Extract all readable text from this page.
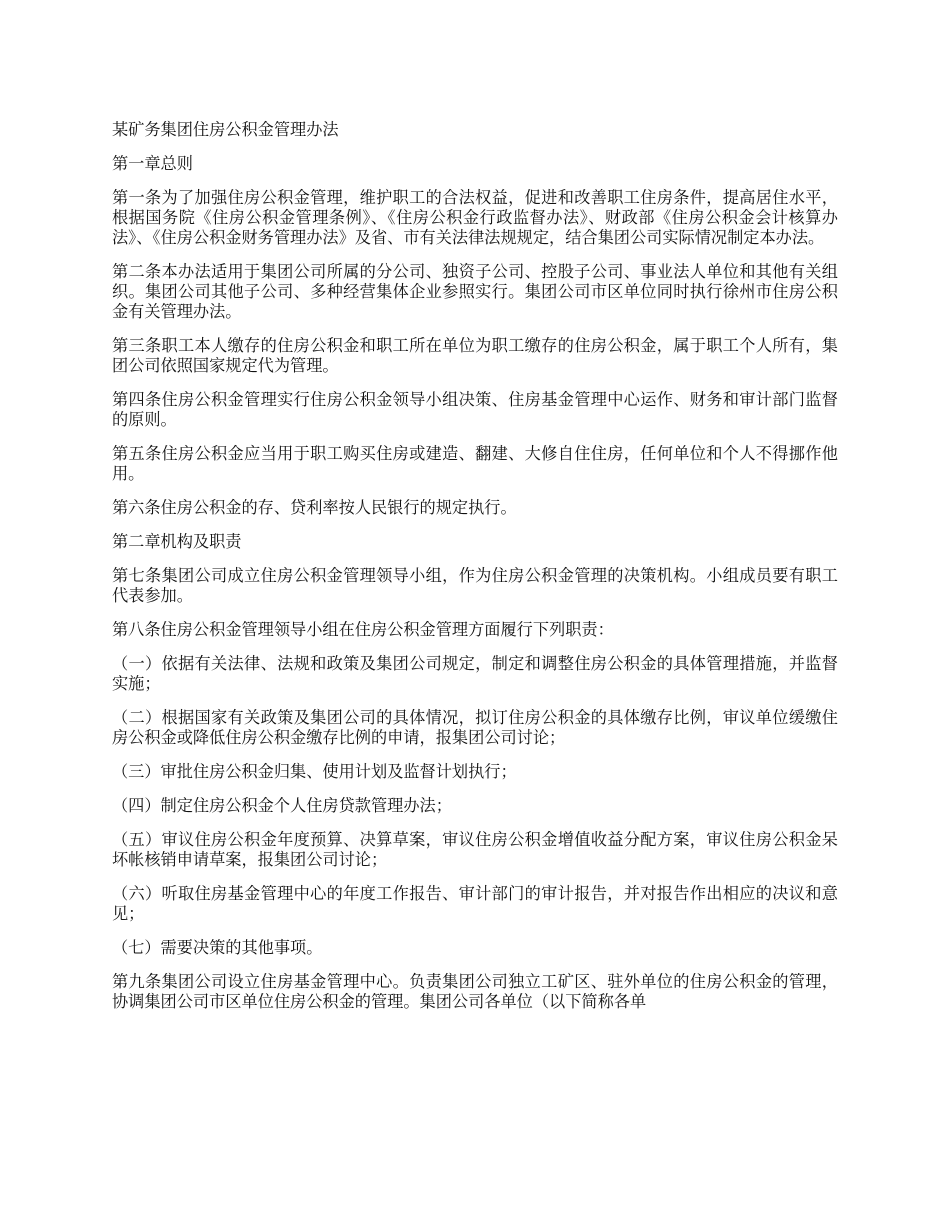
某矿务集团住房公积金管理办法

第一章总则

第一条为了加强住房公积金管理，维护职工的合法权益，促进和改善职工住房条件，提高居住水平，根据国务院《住房公积金管理条例》、《住房公积金行政监督办法》、财政部《住房公积金会计核算办法》、《住房公积金财务管理办法》及省、市有关法律法规规定，结合集团公司实际情况制定本办法。

第二条本办法适用于集团公司所属的分公司、独资子公司、控股子公司、事业法人单位和其他有关组织。集团公司其他子公司、多种经营集体企业参照实行。集团公司市区单位同时执行徐州市住房公积金有关管理办法。

第三条职工本人缴存的住房公积金和职工所在单位为职工缴存的住房公积金，属于职工个人所有，集团公司依照国家规定代为管理。

第四条住房公积金管理实行住房公积金领导小组决策、住房基金管理中心运作、财务和审计部门监督的原则。

第五条住房公积金应当用于职工购买住房或建造、翻建、大修自住住房，任何单位和个人不得挪作他用。

第六条住房公积金的存、贷利率按人民银行的规定执行。

第二章机构及职责

第七条集团公司成立住房公积金管理领导小组，作为住房公积金管理的决策机构。小组成员要有职工代表参加。

第八条住房公积金管理领导小组在住房公积金管理方面履行下列职责：

（一）依据有关法律、法规和政策及集团公司规定，制定和调整住房公积金的具体管理措施，并监督实施；

（二）根据国家有关政策及集团公司的具体情况，拟订住房公积金的具体缴存比例，审议单位缓缴住房公积金或降低住房公积金缴存比例的申请，报集团公司讨论；

（三）审批住房公积金归集、使用计划及监督计划执行；

（四）制定住房公积金个人住房贷款管理办法；

（五）审议住房公积金年度预算、决算草案，审议住房公积金增值收益分配方案，审议住房公积金呆坏帐核销申请草案，报集团公司讨论；

（六）听取住房基金管理中心的年度工作报告、审计部门的审计报告，并对报告作出相应的决议和意见；

（七）需要决策的其他事项。

第九条集团公司设立住房基金管理中心。负责集团公司独立工矿区、驻外单位的住房公积金的管理，协调集团公司市区单位住房公积金的管理。集团公司各单位（以下简称各单
